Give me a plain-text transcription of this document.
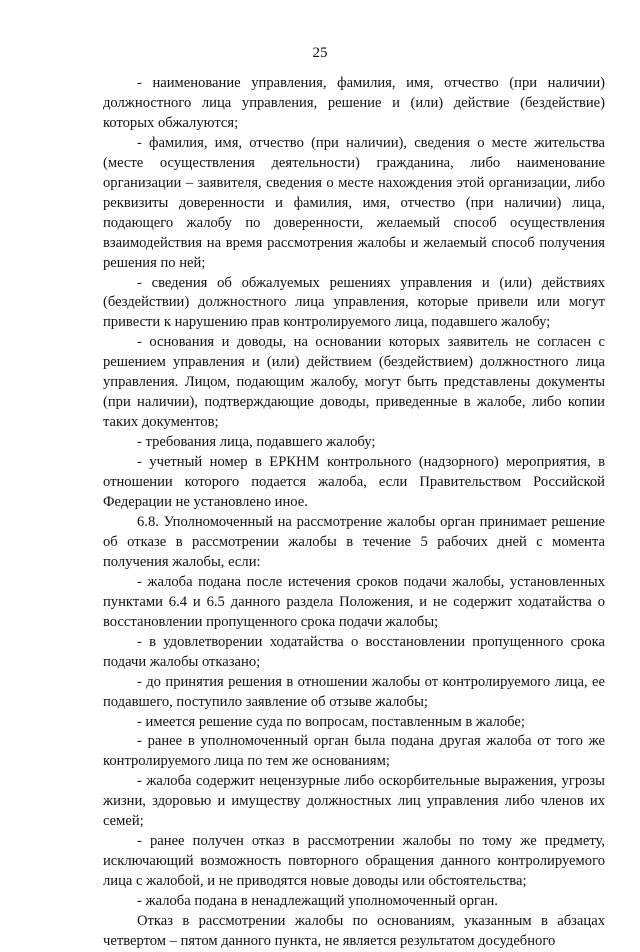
25

- наименование управления, фамилия, имя, отчество (при наличии) должностного лица управления, решение и (или) действие (бездействие) которых обжалуются;

- фамилия, имя, отчество (при наличии), сведения о месте жительства (месте осуществления деятельности) гражданина, либо наименование организации – заявителя, сведения о месте нахождения этой организации, либо реквизиты доверенности и фамилия, имя, отчество (при наличии) лица, подающего жалобу по доверенности, желаемый способ осуществления взаимодействия на время рассмотрения жалобы и желаемый способ получения решения по ней;

- сведения об обжалуемых решениях управления и (или) действиях (бездействии) должностного лица управления, которые привели или могут привести к нарушению прав контролируемого лица, подавшего жалобу;

- основания и доводы, на основании которых заявитель не согласен с решением управления и (или) действием (бездействием) должностного лица управления. Лицом, подающим жалобу, могут быть представлены документы (при наличии), подтверждающие доводы, приведенные в жалобе, либо копии таких документов;

- требования лица, подавшего жалобу;

- учетный номер в ЕРКНМ контрольного (надзорного) мероприятия, в отношении которого подается жалоба, если Правительством Российской Федерации не установлено иное.

6.8. Уполномоченный на рассмотрение жалобы орган принимает решение об отказе в рассмотрении жалобы в течение 5 рабочих дней с момента получения жалобы, если:

- жалоба подана после истечения сроков подачи жалобы, установленных пунктами 6.4 и 6.5 данного раздела Положения, и не содержит ходатайства о восстановлении пропущенного срока подачи жалобы;

- в удовлетворении ходатайства о восстановлении пропущенного срока подачи жалобы отказано;

- до принятия решения в отношении жалобы от контролируемого лица, ее подавшего, поступило заявление об отзыве жалобы;

- имеется решение суда по вопросам, поставленным в жалобе;

- ранее в уполномоченный орган была подана другая жалоба от того же контролируемого лица по тем же основаниям;

- жалоба содержит нецензурные либо оскорбительные выражения, угрозы жизни, здоровью и имуществу должностных лиц управления либо членов их семей;

- ранее получен отказ в рассмотрении жалобы по тому же предмету, исключающий возможность повторного обращения данного контролируемого лица с жалобой, и не приводятся новые доводы или обстоятельства;

- жалоба подана в ненадлежащий уполномоченный орган.

Отказ в рассмотрении жалобы по основаниям, указанным в абзацах четвертом – пятом данного пункта, не является результатом досудебного
